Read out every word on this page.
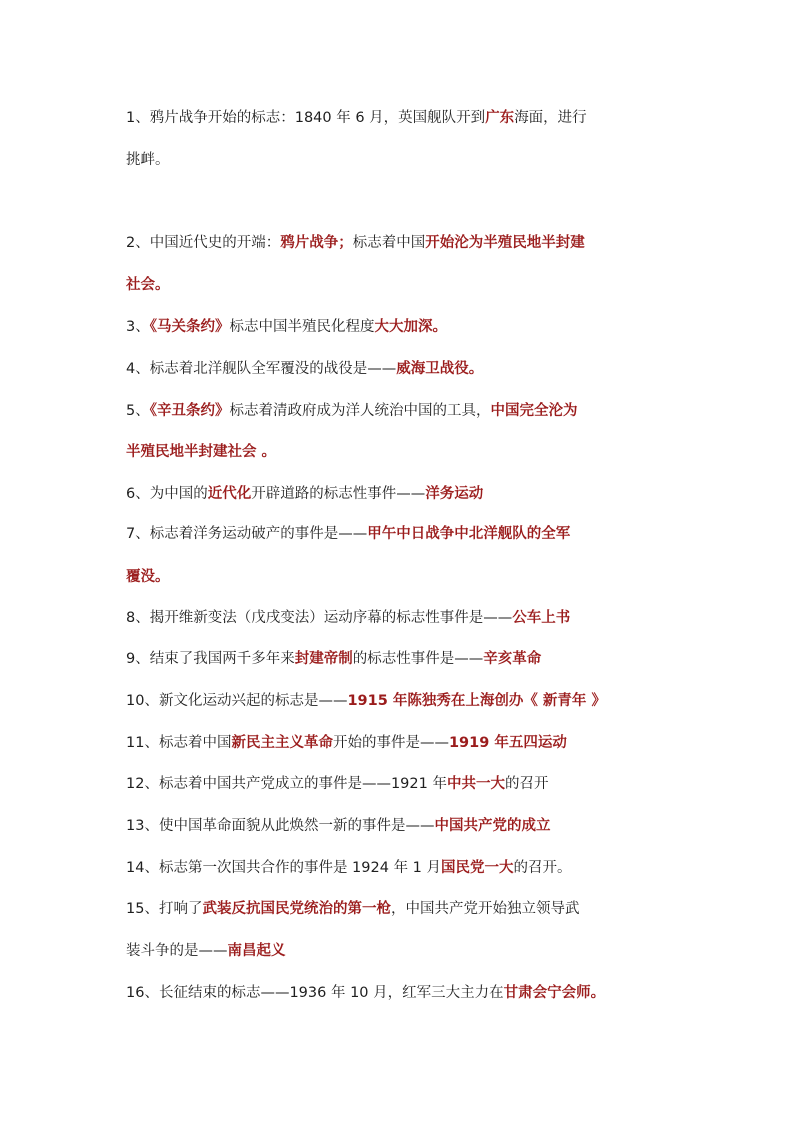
1、鸦片战争开始的标志：1840 年 6 月，英国舰队开到广东海面，进行
挑衅。
2、中国近代史的开端：鸦片战争；标志着中国开始沦为半殖民地半封建
社会。
3、《马关条约》标志中国半殖民化程度大大加深。
4、标志着北洋舰队全军覆没的战役是——威海卫战役。
5、《辛丑条约》标志着清政府成为洋人统治中国的工具，中国完全沦为
半殖民地半封建社会 。
6、为中国的近代化开辟道路的标志性事件——洋务运动
7、标志着洋务运动破产的事件是——甲午中日战争中北洋舰队的全军
覆没。
8、揭开维新变法（戊戌变法）运动序幕的标志性事件是——公车上书
9、结束了我国两千多年来封建帝制的标志性事件是——辛亥革命
10、新文化运动兴起的标志是——1915 年陈独秀在上海创办《 新青年 》
11、标志着中国新民主主义革命开始的事件是——1919 年五四运动
12、标志着中国共产党成立的事件是——1921 年中共一大的召开
13、使中国革命面貌从此焕然一新的事件是——中国共产党的成立
14、标志第一次国共合作的事件是 1924 年 1 月国民党一大的召开。
15、打响了武装反抗国民党统治的第一枪，中国共产党开始独立领导武
装斗争的是——南昌起义
16、长征结束的标志——1936 年 10 月，红军三大主力在甘肃会宁会师。
